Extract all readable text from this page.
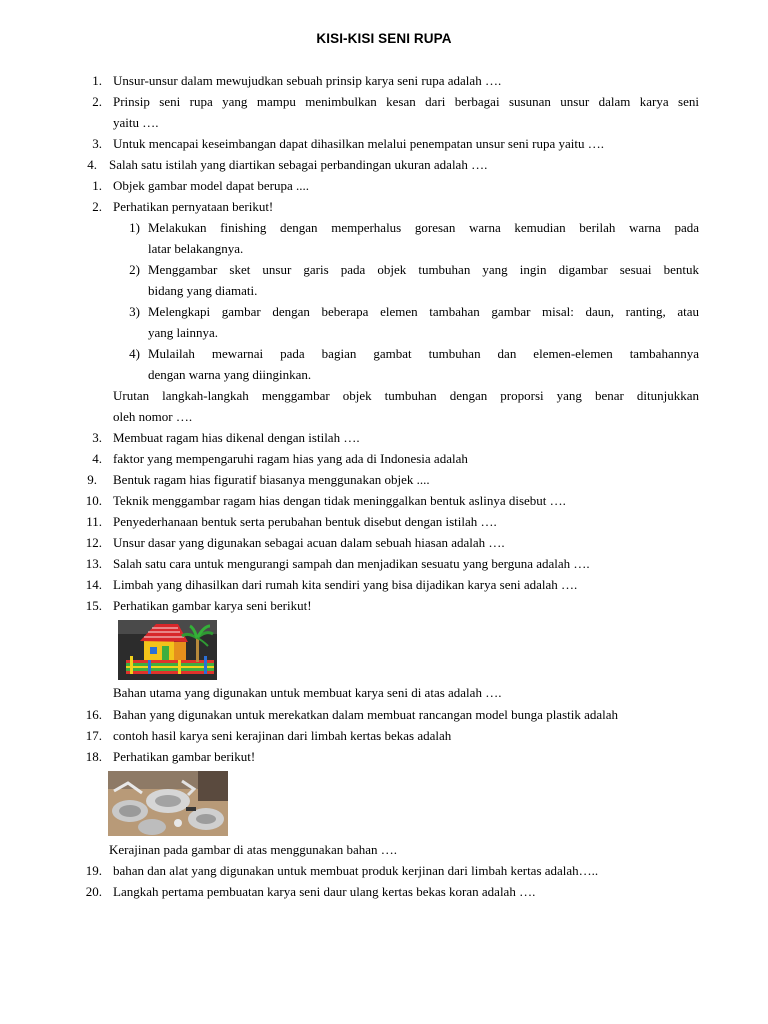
KISI-KISI SENI RUPA
1. Unsur-unsur dalam mewujudkan sebuah prinsip karya seni rupa adalah ….
2. Prinsip seni rupa yang mampu menimbulkan kesan dari berbagai susunan unsur dalam karya seni
yaitu ….
3. Untuk mencapai keseimbangan dapat dihasilkan melalui penempatan unsur seni rupa yaitu ….
4. Salah satu istilah yang diartikan sebagai perbandingan ukuran adalah ….
1. Objek gambar model dapat berupa ....
2. Perhatikan pernyataan berikut!
1) Melakukan finishing dengan memperhalus goresan warna kemudian berilah warna pada
latar belakangnya.
2) Menggambar sket unsur garis pada objek tumbuhan yang ingin digambar sesuai bentuk
bidang yang diamati.
3) Melengkapi gambar dengan beberapa elemen tambahan gambar misal: daun, ranting, atau
yang lainnya.
4) Mulailah mewarnai pada bagian gambat tumbuhan dan elemen-elemen tambahannya
dengan warna yang diinginkan.
Urutan langkah-langkah menggambar objek tumbuhan dengan proporsi yang benar ditunjukkan
oleh nomor ….
3. Membuat ragam hias dikenal dengan istilah ….
4. faktor yang mempengaruhi ragam hias yang ada di Indonesia adalah
9. Bentuk ragam hias figuratif biasanya menggunakan objek ....
10. Teknik menggambar ragam hias dengan tidak meninggalkan bentuk aslinya disebut ….
11. Penyederhanaan bentuk serta perubahan bentuk disebut dengan istilah ….
12. Unsur dasar yang digunakan sebagai acuan dalam sebuah hiasan adalah ….
13. Salah satu cara untuk mengurangi sampah dan menjadikan sesuatu yang berguna adalah ….
14. Limbah yang dihasilkan dari rumah kita sendiri yang bisa dijadikan karya seni adalah ….
15. Perhatikan gambar karya seni berikut!
Bahan utama yang digunakan untuk membuat karya seni di atas adalah ….
16. Bahan yang digunakan untuk merekatkan dalam membuat rancangan model bunga plastik adalah
17. contoh hasil karya seni kerajinan dari limbah kertas bekas adalah
18. Perhatikan gambar berikut!
Kerajinan pada gambar di atas menggunakan bahan ….
19. bahan dan alat yang digunakan untuk membuat produk kerjinan dari limbah kertas adalah…..
20. Langkah pertama pembuatan karya seni daur ulang kertas bekas koran adalah ….
